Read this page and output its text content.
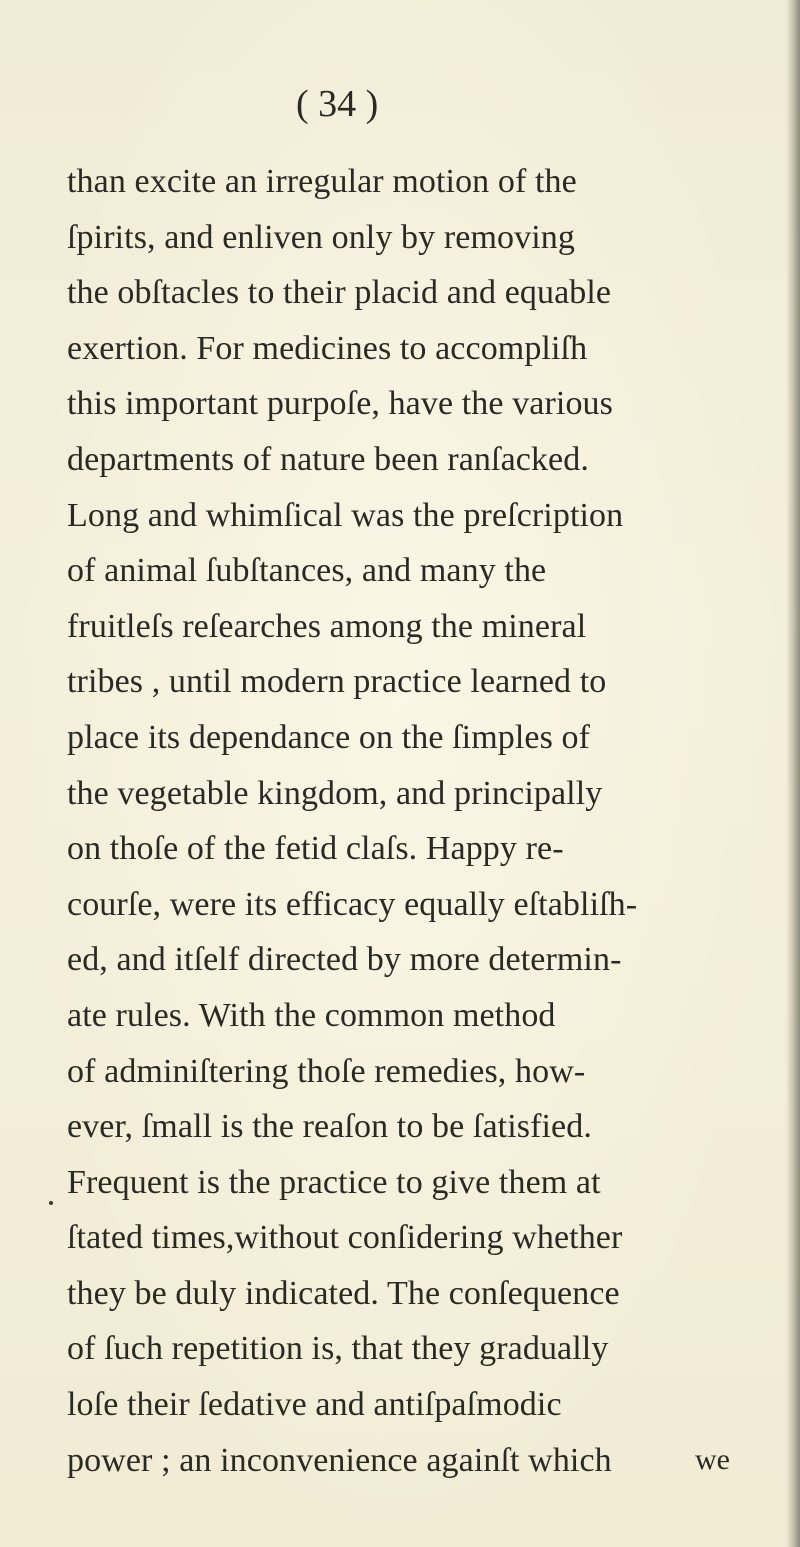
( 34 )
than excite an irregular motion of the
ſpirits, and enliven only by removing
the obſtacles to their placid and equable
exertion. For medicines to accompliſh
this important purpoſe, have the various
departments of nature been ranſacked.
Long and whimſical was the preſcription
of animal ſubſtances, and many the
fruitleſs reſearches among the mineral
tribes , until modern practice learned to
place its dependance on the ſimples of
the vegetable kingdom, and principally
on thoſe of the fetid claſs. Happy re-
courſe, were its efficacy equally eſtabliſh-
ed, and itſelf directed by more determin-
ate rules. With the common method
of adminiſtering thoſe remedies, how-
ever, ſmall is the reaſon to be ſatisfied.
Frequent is the practice to give them at
ſtated times,without conſidering whether
they be duly indicated. The conſequence
of ſuch repetition is, that they gradually
loſe their ſedative and antiſpaſmodic
power ; an inconvenience againſt which	we
